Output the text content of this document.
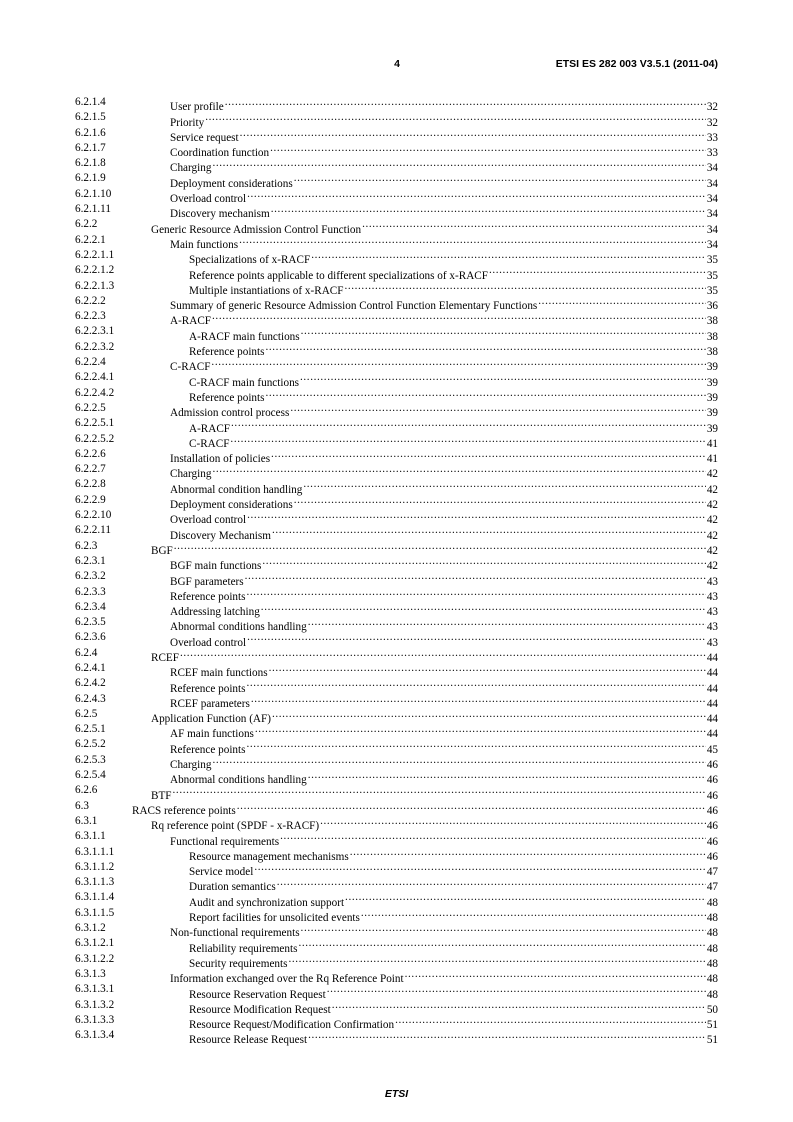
4	ETSI ES 282 003 V3.5.1 (2011-04)
6.2.1.4	User profile .....	32
6.2.1.5	Priority .....	32
6.2.1.6	Service request .....	33
6.2.1.7	Coordination function .....	33
6.2.1.8	Charging .....	34
6.2.1.9	Deployment considerations .....	34
6.2.1.10	Overload control .....	34
6.2.1.11	Discovery mechanism .....	34
6.2.2	Generic Resource Admission Control Function .....	34
6.2.2.1	Main functions .....	34
6.2.2.1.1	Specializations of x-RACF .....	35
6.2.2.1.2	Reference points applicable to different specializations of x-RACF .....	35
6.2.2.1.3	Multiple instantiations of x-RACF .....	35
6.2.2.2	Summary of generic Resource Admission Control Function Elementary Functions .....	36
6.2.2.3	A-RACF .....	38
6.2.2.3.1	A-RACF main functions .....	38
6.2.2.3.2	Reference points .....	38
6.2.2.4	C-RACF .....	39
6.2.2.4.1	C-RACF main functions .....	39
6.2.2.4.2	Reference points .....	39
6.2.2.5	Admission control process .....	39
6.2.2.5.1	A-RACF .....	39
6.2.2.5.2	C-RACF .....	41
6.2.2.6	Installation of policies .....	41
6.2.2.7	Charging .....	42
6.2.2.8	Abnormal condition handling .....	42
6.2.2.9	Deployment considerations .....	42
6.2.2.10	Overload control .....	42
6.2.2.11	Discovery Mechanism .....	42
6.2.3	BGF .....	42
6.2.3.1	BGF main functions .....	42
6.2.3.2	BGF parameters .....	43
6.2.3.3	Reference points .....	43
6.2.3.4	Addressing latching .....	43
6.2.3.5	Abnormal conditions handling .....	43
6.2.3.6	Overload control .....	43
6.2.4	RCEF .....	44
6.2.4.1	RCEF main functions .....	44
6.2.4.2	Reference points .....	44
6.2.4.3	RCEF parameters .....	44
6.2.5	Application Function (AF) .....	44
6.2.5.1	AF main functions .....	44
6.2.5.2	Reference points .....	45
6.2.5.3	Charging .....	46
6.2.5.4	Abnormal conditions handling .....	46
6.2.6	BTF .....	46
6.3	RACS reference points .....	46
6.3.1	Rq reference point (SPDF - x-RACF) .....	46
6.3.1.1	Functional requirements .....	46
6.3.1.1.1	Resource management mechanisms .....	46
6.3.1.1.2	Service model .....	47
6.3.1.1.3	Duration semantics .....	47
6.3.1.1.4	Audit and synchronization support .....	48
6.3.1.1.5	Report facilities for unsolicited events .....	48
6.3.1.2	Non-functional requirements .....	48
6.3.1.2.1	Reliability requirements .....	48
6.3.1.2.2	Security requirements .....	48
6.3.1.3	Information exchanged over the Rq Reference Point .....	48
6.3.1.3.1	Resource Reservation Request .....	48
6.3.1.3.2	Resource Modification Request .....	50
6.3.1.3.3	Resource Request/Modification Confirmation .....	51
6.3.1.3.4	Resource Release Request .....	51
ETSI
